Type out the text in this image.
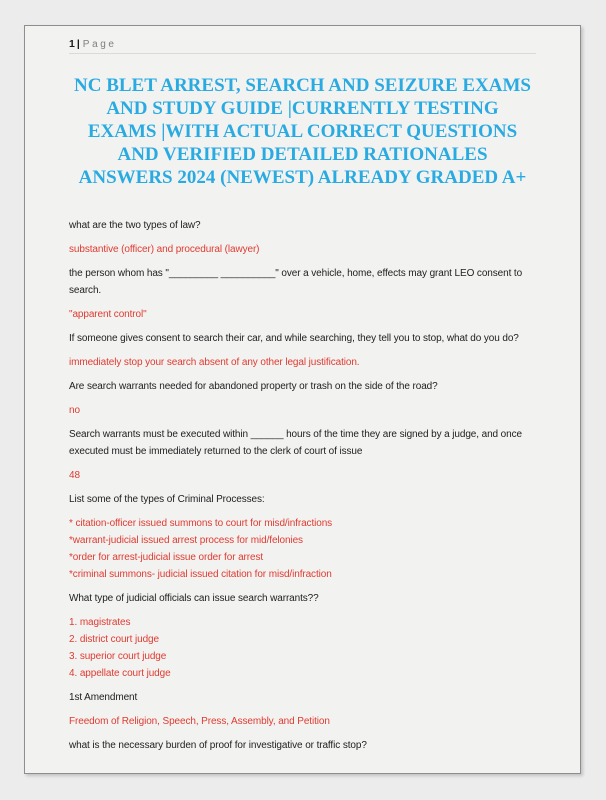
1 | Page
NC BLET ARREST, SEARCH AND SEIZURE EXAMS
AND STUDY GUIDE |CURRENTLY TESTING
EXAMS |WITH ACTUAL CORRECT QUESTIONS
AND VERIFIED DETAILED RATIONALES
ANSWERS 2024 (NEWEST) ALREADY GRADED A+
what are the two types of law?
substantive (officer) and procedural (lawyer)
the person whom has "_________ __________" over a vehicle, home, effects may grant LEO consent to
search.
"apparent control"
If someone gives consent to search their car, and while searching, they tell you to stop, what do you do?
immediately stop your search absent of any other legal justification.
Are search warrants needed for abandoned property or trash on the side of the road?
no
Search warrants must be executed within ______ hours of the time they are signed by a judge, and once
executed must be immediately returned to the clerk of court of issue
48
List some of the types of Criminal Processes:
* citation-officer issued summons to court for misd/infractions
*warrant-judicial issued arrest process for mid/felonies
*order for arrest-judicial issue order for arrest
*criminal summons- judicial issued citation for misd/infraction
What type of judicial officials can issue search warrants??
1. magistrates
2. district court judge
3. superior court judge
4. appellate court judge
1st Amendment
Freedom of Religion, Speech, Press, Assembly, and Petition
what is the necessary burden of proof for investigative or traffic stop?
